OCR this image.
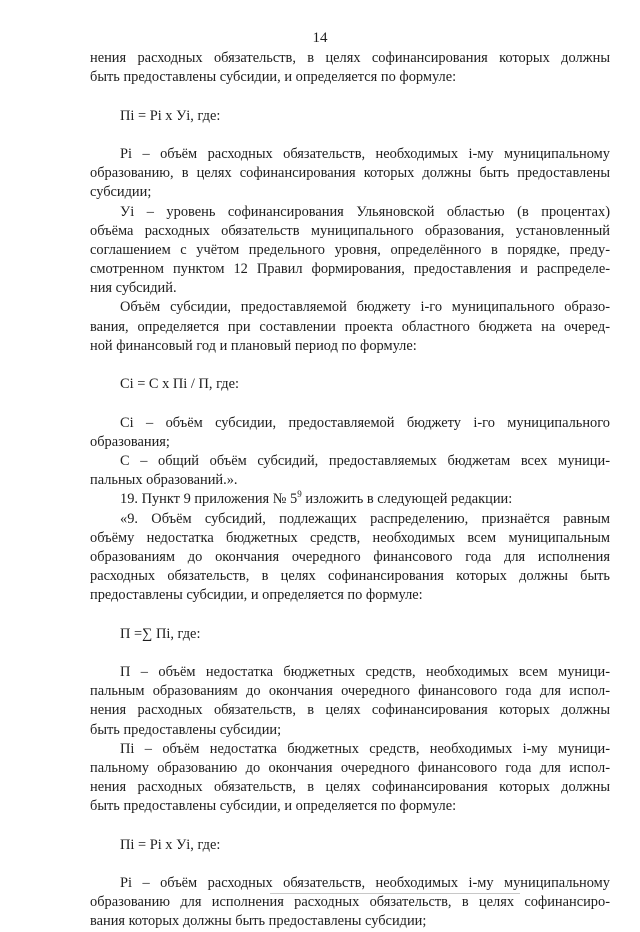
14
нения расходных обязательств, в целях софинансирования которых должны
быть предоставлены субсидии, и определяется по формуле:
Пi = Рi х Уi, где:
Рi – объём расходных обязательств, необходимых i-му муниципальному
образованию, в целях софинансирования которых должны быть предоставлены
субсидии;
Уi – уровень софинансирования Ульяновской областью (в процентах)
объёма расходных обязательств муниципального образования, установленный
соглашением с учётом предельного уровня, определённого в порядке, преду-
смотренном пунктом 12 Правил формирования, предоставления и распределе-
ния субсидий.
Объём субсидии, предоставляемой бюджету i-го муниципального образо-
вания, определяется при составлении проекта областного бюджета на очеред-
ной финансовый год и плановый период по формуле:
Сi = С х Пi / П, где:
Сi – объём субсидии, предоставляемой бюджету i-го муниципального
образования;
С – общий объём субсидий, предоставляемых бюджетам всех муници-
пальных образований.».
19. Пункт 9 приложения № $5^9$ изложить в следующей редакции:
«9. Объём субсидий, подлежащих распределению, признаётся равным
объёму недостатка бюджетных средств, необходимых всем муниципальным
образованиям до окончания очередного финансового года для исполнения
расходных обязательств, в целях софинансирования которых должны быть
предоставлены субсидии, и определяется по формуле:
П =∑ Пi, где:
П – объём недостатка бюджетных средств, необходимых всем муници-
пальным образованиям до окончания очередного финансового года для испол-
нения расходных обязательств, в целях софинансирования которых должны
быть предоставлены субсидии;
Пi – объём недостатка бюджетных средств, необходимых i-му муници-
пальному образованию до окончания очередного финансового года для испол-
нения расходных обязательств, в целях софинансирования которых должны
быть предоставлены субсидии, и определяется по формуле:
Пi = Рi х Уi, где:
Рi – объём расходных обязательств, необходимых i-му муниципальному
образованию для исполнения расходных обязательств, в целях софинансиро-
вания которых должны быть предоставлены субсидии;
